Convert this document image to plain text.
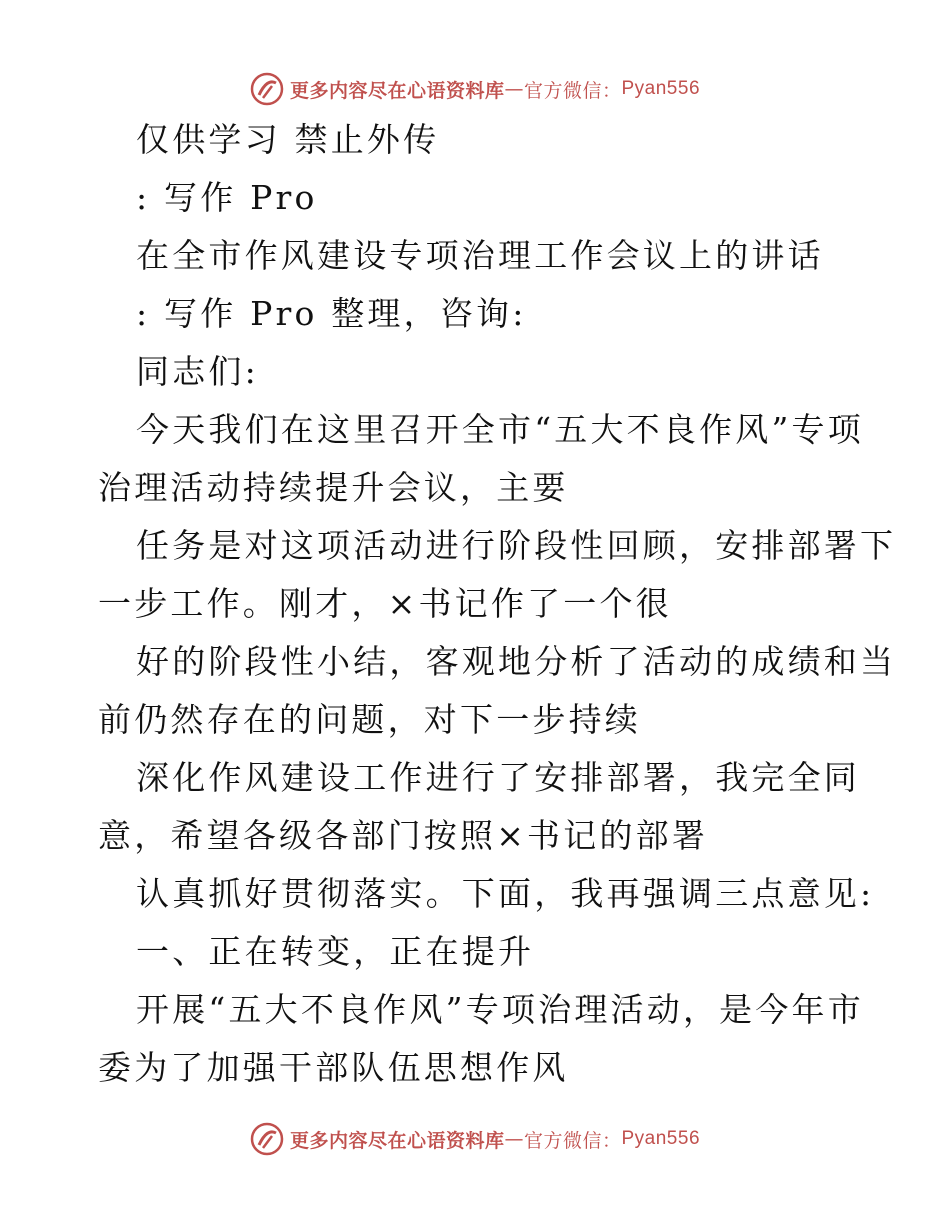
更多内容尽在心语资料库 — 官方微信： Pyan556
仅供学习 禁止外传
: 写作 Pro
在全市作风建设专项治理工作会议上的讲话
: 写作 Pro 整理，咨询:
同志们:
今天我们在这里召开全市“五大不良作风”专项
治理活动持续提升会议，主要
任务是对这项活动进行阶段性回顾，安排部署下
一步工作。刚才，×书记作了一个很
好的阶段性小结，客观地分析了活动的成绩和当
前仍然存在的问题，对下一步持续
深化作风建设工作进行了安排部署，我完全同
意，希望各级各部门按照×书记的部署
认真抓好贯彻落实。下面，我再强调三点意见:
一、正在转变，正在提升
开展“五大不良作风”专项治理活动，是今年市
委为了加强干部队伍思想作风
更多内容尽在心语资料库 — 官方微信： Pyan556
